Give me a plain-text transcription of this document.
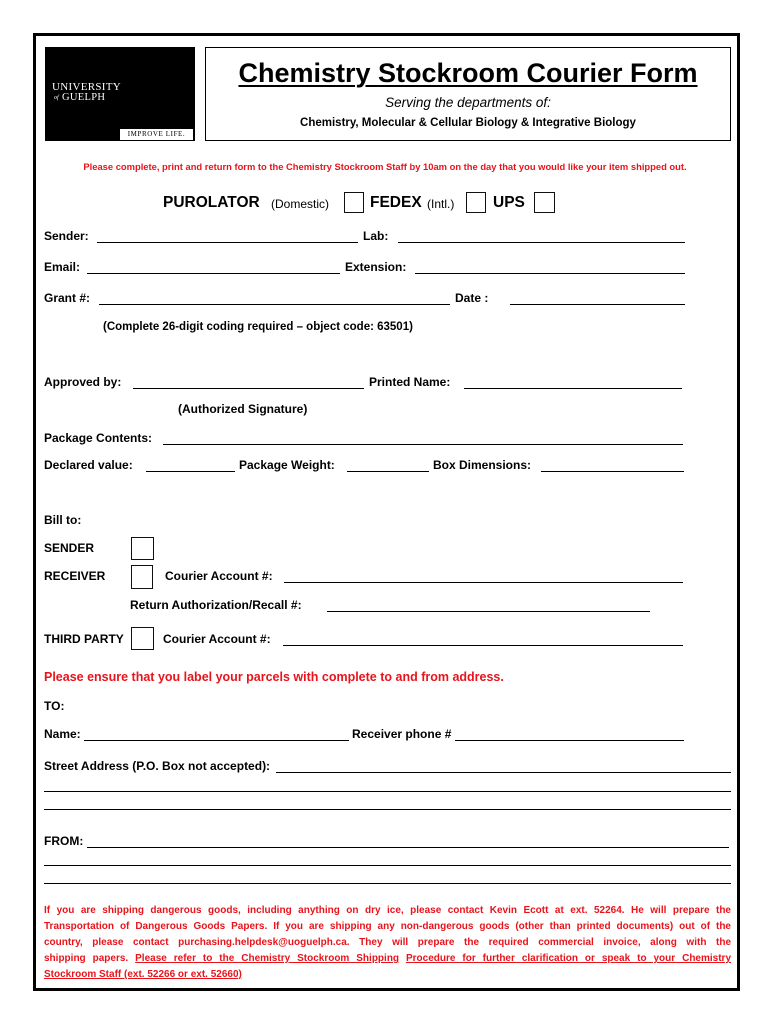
UNIVERSITY
of GUELPH
IMPROVE LIFE.
Chemistry Stockroom Courier Form
Serving the departments of:
Chemistry, Molecular & Cellular Biology & Integrative Biology
Please complete, print and return form to the Chemistry Stockroom Staff by 10am on the day that you would like your item shipped out.
PUROLATOR (Domestic)	FEDEX (Intl.) UPS
Sender:	Lab:
Email:	Extension:
Grant #:	Date :
(Complete 26-digit coding required – object code: 63501)
Approved by:	Printed Name:
(Authorized Signature)
Package Contents:
Declared value:	Package Weight:	Box Dimensions:
Bill to:
SENDER
RECEIVER	Courier Account #:
Return Authorization/Recall #:
THIRD PARTY	Courier Account #:
Please ensure that you label your parcels with complete to and from address.
TO:
Name:	Receiver phone #
Street Address (P.O. Box not accepted):
FROM:
If you are shipping dangerous goods, including anything on dry ice, please contact Kevin Ecott at ext. 52264. He will prepare the
Transportation of Dangerous Goods Papers. If you are shipping any non-dangerous goods (other than printed documents) out of the
country, please contact purchasing.helpdesk@uoguelph.ca. They will prepare the required commercial invoice, along with the
shipping papers. Please refer to the Chemistry Stockroom Shipping Procedure for further clarification or speak to your Chemistry
Stockroom Staff (ext. 52266 or ext. 52660)
